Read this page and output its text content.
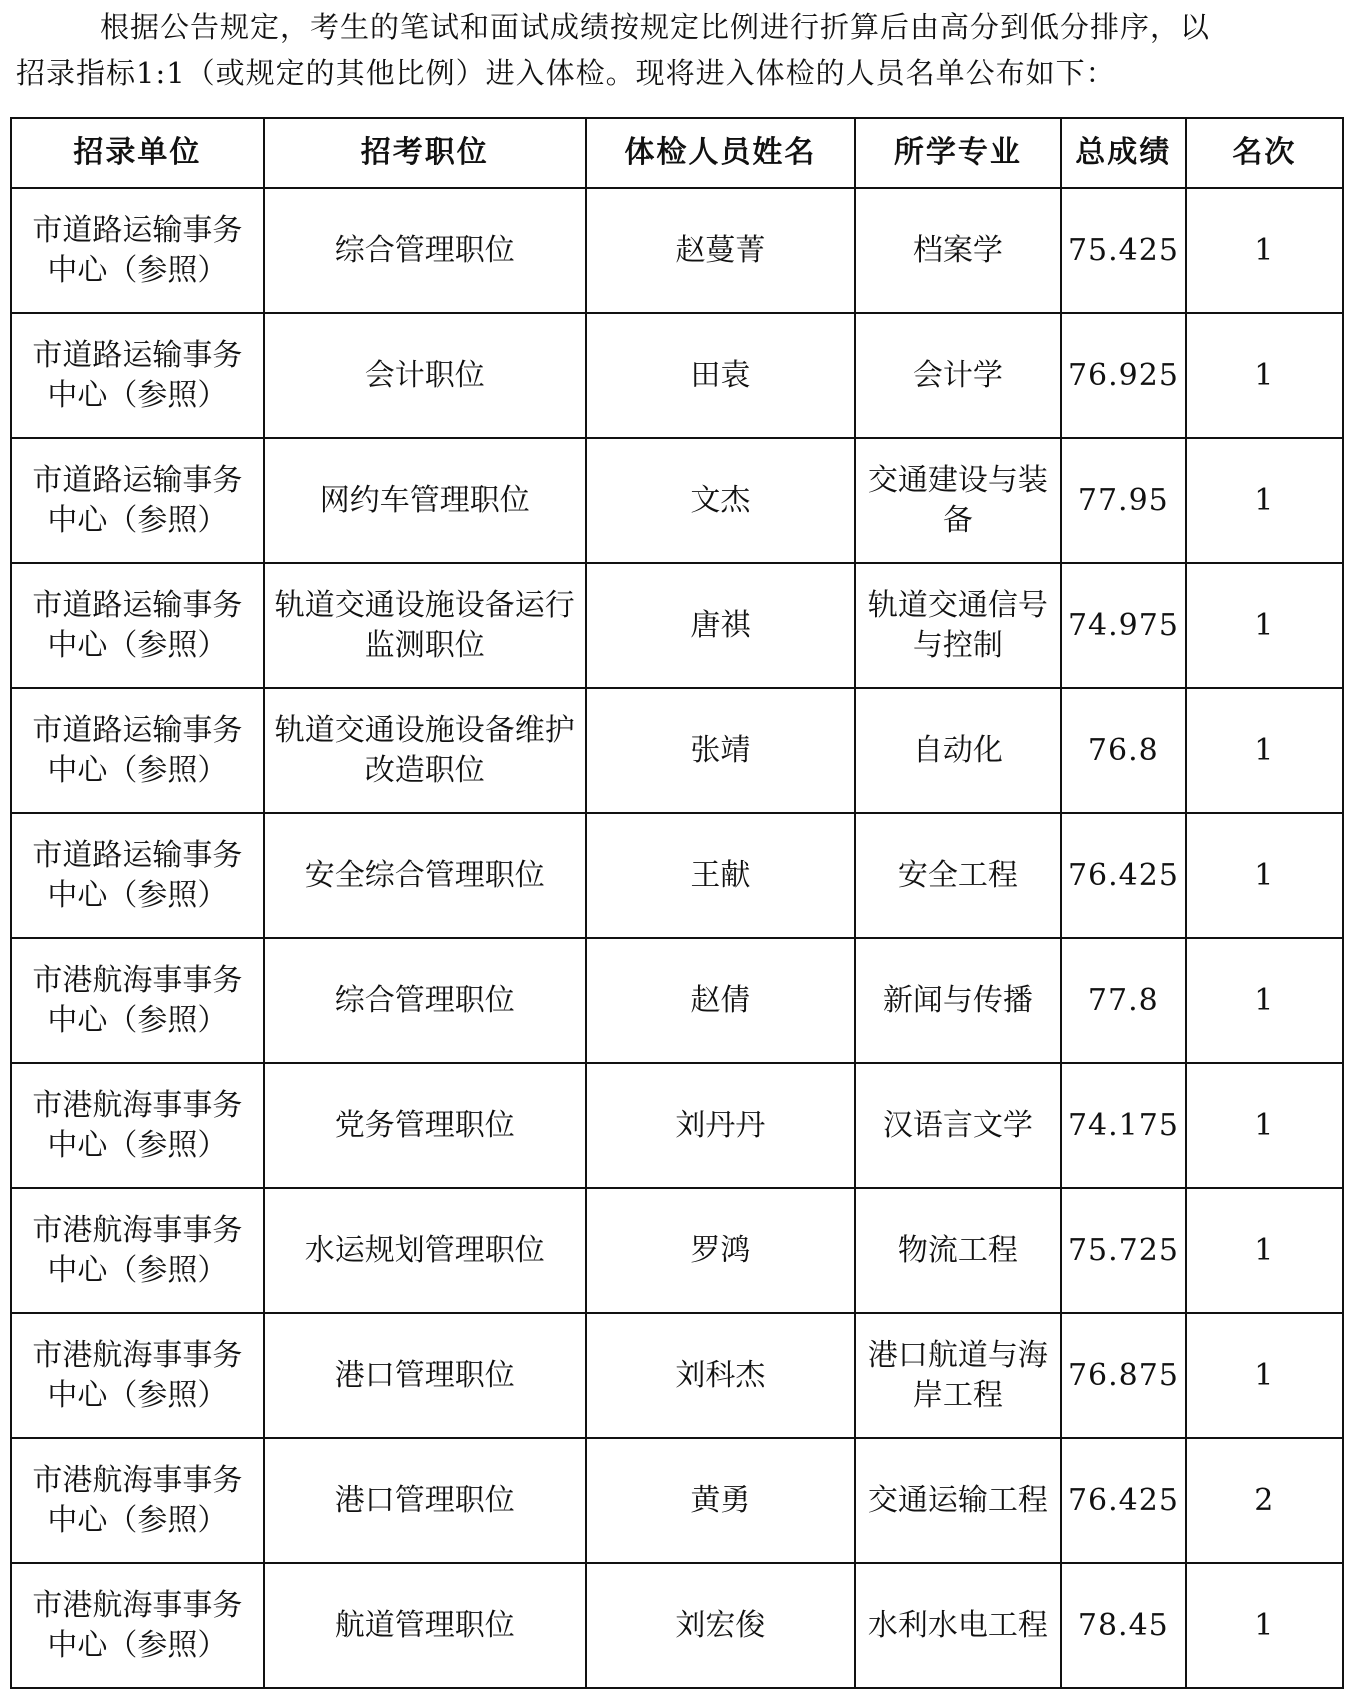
根据公告规定，考生的笔试和面试成绩按规定比例进行折算后由高分到低分排序，以

招录指标1:1（或规定的其他比例）进入体检。现将进入体检的人员名单公布如下：

招录单位	招考职位	体检人员姓名	所学专业	总成绩	名次
市道路运输事务中心（参照）	综合管理职位	赵蔓菁	档案学	75.425	1
市道路运输事务中心（参照）	会计职位	田袁	会计学	76.925	1
市道路运输事务中心（参照）	网约车管理职位	文杰	交通建设与装备	77.95	1
市道路运输事务中心（参照）	轨道交通设施设备运行监测职位	唐祺	轨道交通信号与控制	74.975	1
市道路运输事务中心（参照）	轨道交通设施设备维护改造职位	张靖	自动化	76.8	1
市道路运输事务中心（参照）	安全综合管理职位	王献	安全工程	76.425	1
市港航海事事务中心（参照）	综合管理职位	赵倩	新闻与传播	77.8	1
市港航海事事务中心（参照）	党务管理职位	刘丹丹	汉语言文学	74.175	1
市港航海事事务中心（参照）	水运规划管理职位	罗鸿	物流工程	75.725	1
市港航海事事务中心（参照）	港口管理职位	刘科杰	港口航道与海岸工程	76.875	1
市港航海事事务中心（参照）	港口管理职位	黄勇	交通运输工程	76.425	2
市港航海事事务中心（参照）	航道管理职位	刘宏俊	水利水电工程	78.45	1
